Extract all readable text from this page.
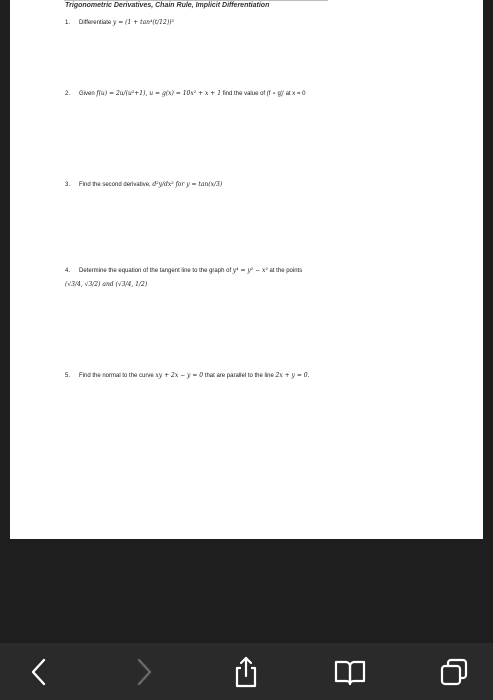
Trigonometric Derivatives, Chain Rule, Implicit Differentiation
1. Differentiate y = (1 + tan⁴(t/12))³
2. Given f(u) = 2u/(u²+1), u = g(x) = 10x² + x + 1 find the value of (f ∘ g)′ at x = 0
3. Find the second derivative, d²y/dx² for y = tan(x/3)
4. Determine the equation of the tangent line to the graph of y⁴ = y² − x² at the points
(√3/4, √3/2) and (√3/4, 1/2)
5. Find the normal to the curve xy + 2x − y = 0 that are parallel to the line 2x + y = 0.
